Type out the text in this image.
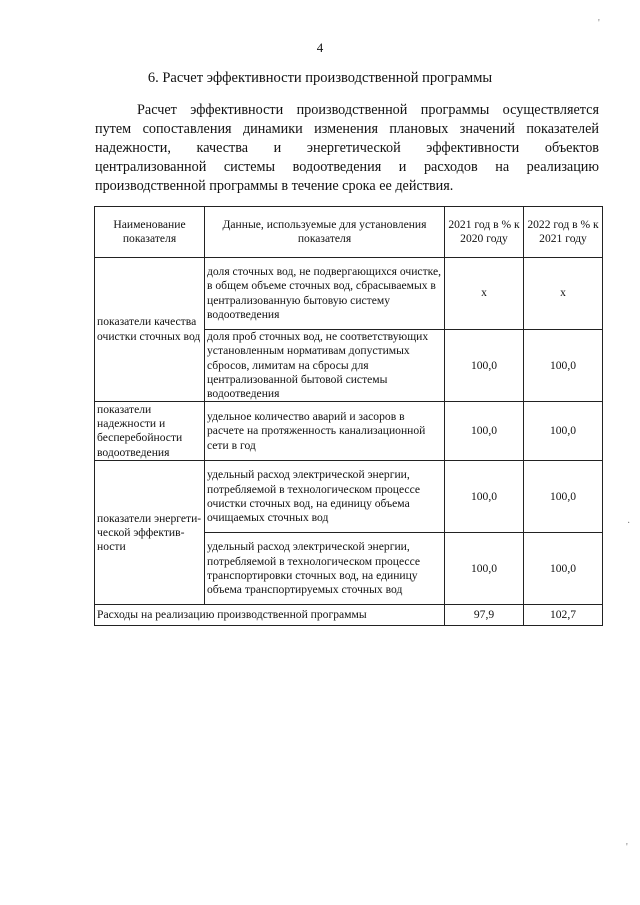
4
6. Расчет эффективности производственной программы

Расчет эффективности производственной программы осуществляется путем сопоставления динамики изменения плановых значений показателей надежности, качества и энергетической эффективности объектов централизованной системы водоотведения и расходов на реализацию производственной программы в течение срока ее действия.

Наименование показателя	Данные, используемые для установления показателя	2021 год в % к 2020 году	2022 год в % к 2021 году
показатели качества очистки сточных вод	доля сточных вод, не подвергающихся очистке, в общем объеме сточных вод, сбрасываемых в централизованную бытовую систему водоотведения	х	х
	доля проб сточных вод, не соответствующих установленным нормативам допустимых сбросов, лимитам на сбросы для централизованной бытовой системы водоотведения	100,0	100,0
показатели надежности и бесперебойности водоотведения	удельное количество аварий и засоров в расчете на протяженность канализационной сети в год	100,0	100,0
показатели энергети-ческой эффектив-ности	удельный расход электрической энергии, потребляемой в технологическом процессе очистки сточных вод, на единицу объема очищаемых сточных вод	100,0	100,0
	удельный расход электрической энергии, потребляемой в технологическом процессе транспортировки сточных вод, на единицу объема транспортируемых сточных вод	100,0	100,0
Расходы на реализацию производственной программы		97,9	102,7
'
·
'
